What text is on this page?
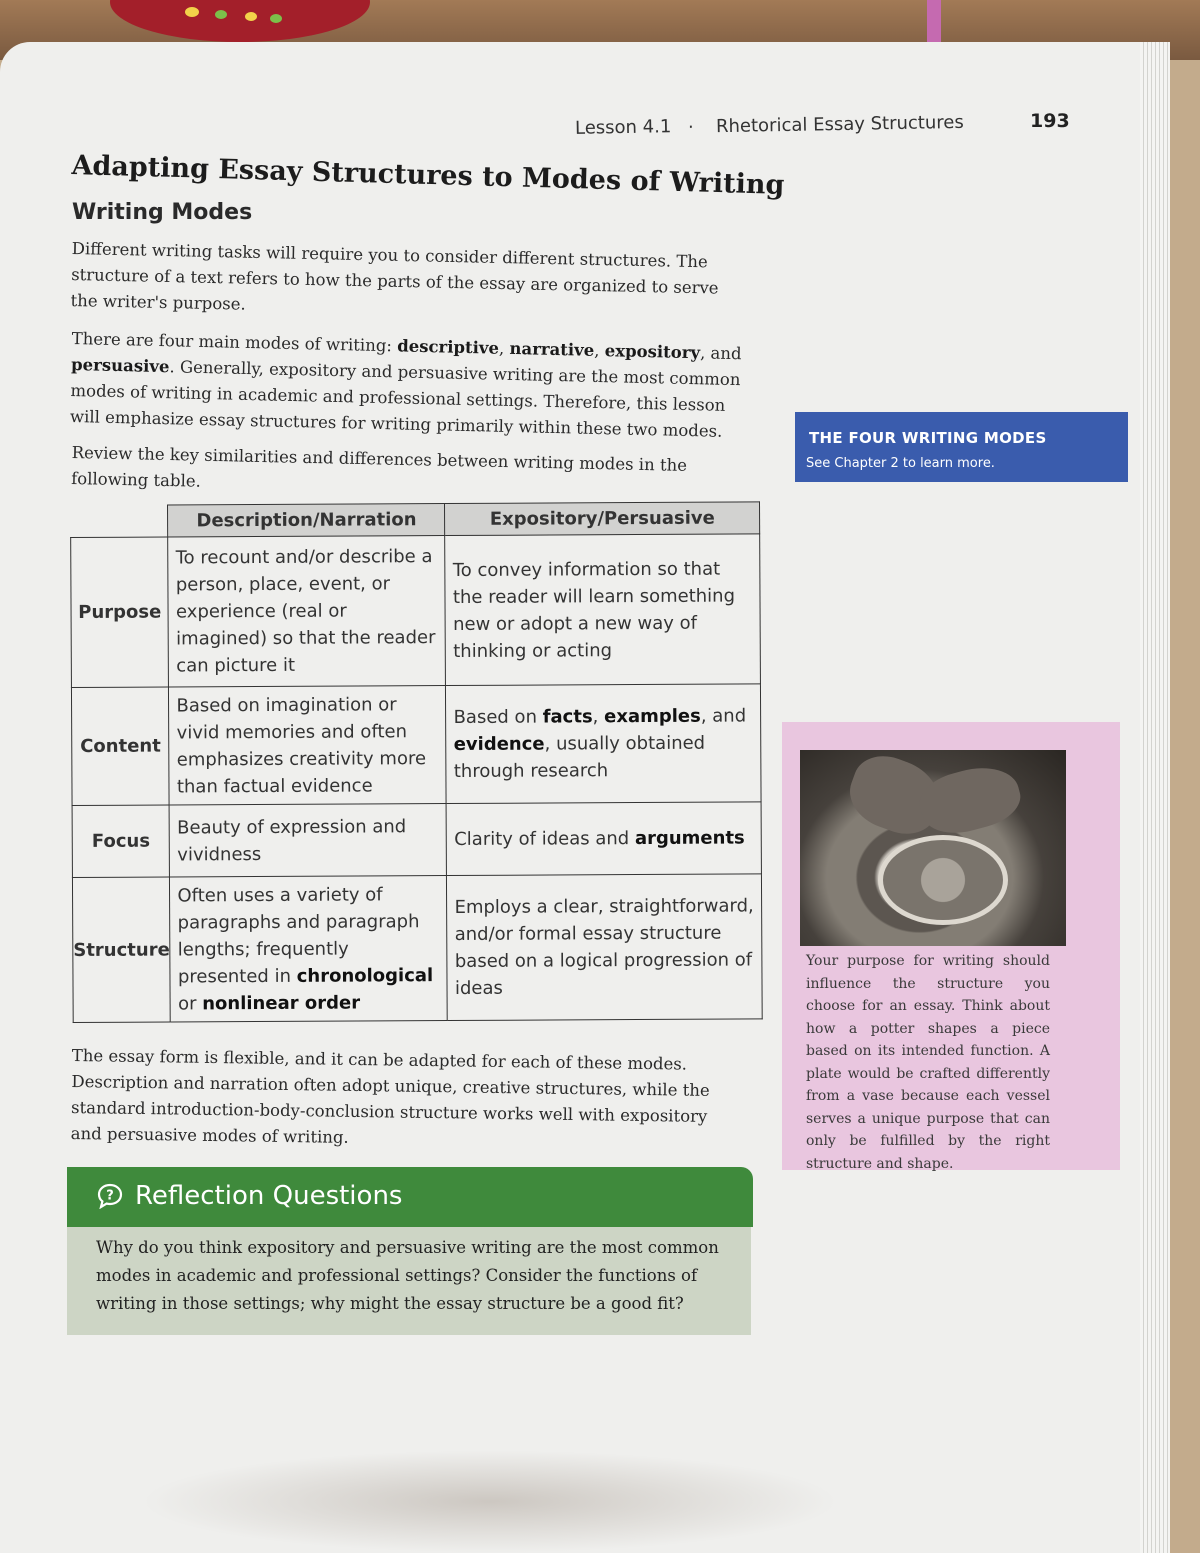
Lesson 4.1 · Rhetorical Essay Structures	193
Adapting Essay Structures to Modes of Writing
Writing Modes
Different writing tasks will require you to consider different structures. The structure of a text refers to how the parts of the essay are organized to serve the writer's purpose.
There are four main modes of writing: descriptive, narrative, expository, and persuasive. Generally, expository and persuasive writing are the most common modes of writing in academic and professional settings. Therefore, this lesson will emphasize essay structures for writing primarily within these two modes.
Review the key similarities and differences between writing modes in the following table.
	Description/Narration	Expository/Persuasive
Purpose	To recount and/or describe a person, place, event, or experience (real or imagined) so that the reader can picture it	To convey information so that the reader will learn something new or adopt a new way of thinking or acting
Content	Based on imagination or vivid memories and often emphasizes creativity more than factual evidence	Based on facts, examples, and evidence, usually obtained through research
Focus	Beauty of expression and vividness	Clarity of ideas and arguments
Structure	Often uses a variety of paragraphs and paragraph lengths; frequently presented in chronological or nonlinear order	Employs a clear, straightforward, and/or formal essay structure based on a logical progression of ideas
The essay form is flexible, and it can be adapted for each of these modes. Description and narration often adopt unique, creative structures, while the standard introduction-body-conclusion structure works well with expository and persuasive modes of writing.
THE FOUR WRITING MODES
See Chapter 2 to learn more.
Your purpose for writing should influence the structure you choose for an essay. Think about how a potter shapes a piece based on its intended function. A plate would be crafted differently from a vase because each vessel serves a unique purpose that can only be fulfilled by the right structure and shape.
? Reflection Questions
Why do you think expository and persuasive writing are the most common modes in academic and professional settings? Consider the functions of writing in those settings; why might the essay structure be a good fit?
